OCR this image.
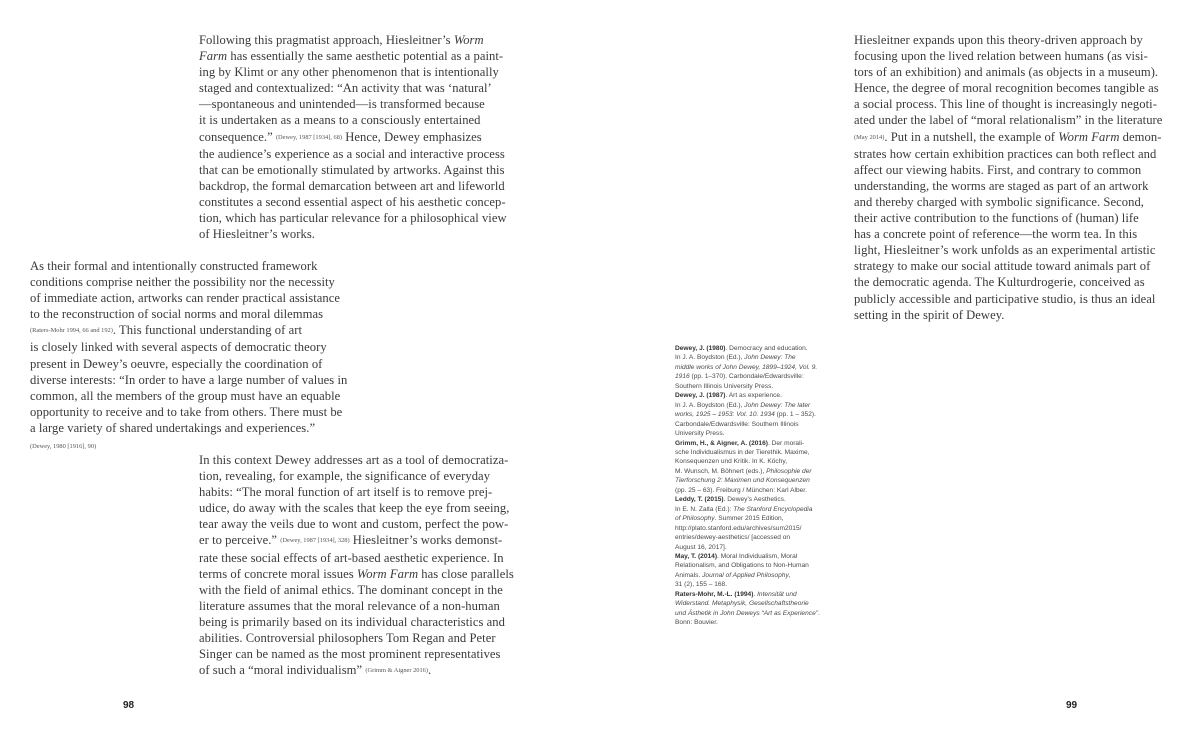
Following this pragmatist approach, Hiesleitner’s Worm
Farm has essentially the same aesthetic potential as a paint-
ing by Klimt or any other phenomenon that is intentionally
staged and contextualized: “An activity that was ‘natural’
—spontaneous and unintended—is transformed because
it is undertaken as a means to a consciously entertained
consequence.” (Dewey, 1987 [1934], 68) Hence, Dewey emphasizes
the audience’s experience as a social and interactive process
that can be emotionally stimulated by artworks. Against this
backdrop, the formal demarcation between art and lifeworld
constitutes a second essential aspect of his aesthetic concep-
tion, which has particular relevance for a philosophical view
of Hiesleitner’s works.
As their formal and intentionally constructed framework
conditions comprise neither the possibility nor the necessity
of immediate action, artworks can render practical assistance
to the reconstruction of social norms and moral dilemmas
(Raters-Mohr 1994, 66 and 192). This functional understanding of art
is closely linked with several aspects of democratic theory
present in Dewey’s oeuvre, especially the coordination of
diverse interests: “In order to have a large number of values in
common, all the members of the group must have an equable
opportunity to receive and to take from others. There must be
a large variety of shared undertakings and experiences.”
(Dewey, 1980 [1916], 90)
In this context Dewey addresses art as a tool of democratiza-
tion, revealing, for example, the significance of everyday
habits: “The moral function of art itself is to remove prej-
udice, do away with the scales that keep the eye from seeing,
tear away the veils due to wont and custom, perfect the pow-
er to perceive.” (Dewey, 1987 [1934], 328) Hiesleitner’s works demonst-
rate these social effects of art-based aesthetic experience. In
terms of concrete moral issues Worm Farm has close parallels
with the field of animal ethics. The dominant concept in the
literature assumes that the moral relevance of a non-human
being is primarily based on its individual characteristics and
abilities. Controversial philosophers Tom Regan and Peter
Singer can be named as the most prominent representatives
of such a “moral individualism” (Grimm & Aigner 2016).
98
Dewey, J. (1980). Democracy and education.
In J. A. Boydston (Ed.), John Dewey: The
middle works of John Dewey, 1899–1924, Vol. 9.
1916 (pp. 1–370). Carbondale/Edwardsville:
Southern Illinois University Press.
Dewey, J. (1987). Art as experience.
In J. A. Boydston (Ed.), John Dewey: The later
works, 1925 – 1953: Vol. 10. 1934 (pp. 1 – 352).
Carbondale/Edwardsville: Southern Illinois
University Press.
Grimm, H., & Aigner, A. (2016). Der morali-
sche Individualismus in der Tierethik. Maxime,
Konsequenzen und Kritik. In K. Köchy,
M. Wunsch, M. Böhnert (eds.), Philosophie der
Tierforschung 2: Maximen und Konsequenzen
(pp. 25 – 63). Freiburg / München: Karl Alber.
Leddy, T. (2015). Dewey’s Aesthetics.
In E. N. Zalta (Ed.): The Stanford Encyclopedia
of Philosophy. Summer 2015 Edition,
http://plato.stanford.edu/archives/sum2015/
entries/dewey-aesthetics/ [accessed on
August 16, 2017].
May, T. (2014). Moral Individualism, Moral
Relationalism, and Obligations to Non-Human
Animals. Journal of Applied Philosophy,
31 (2), 155 – 168.
Raters-Mohr, M.-L. (1994). Intensität und
Widerstand. Metaphysik, Gesellschaftstheorie
und Ästhetik in John Deweys “Art as Experience”.
Bonn: Bouvier.
Hiesleitner expands upon this theory-driven approach by
focusing upon the lived relation between humans (as visi-
tors of an exhibition) and animals (as objects in a museum).
Hence, the degree of moral recognition becomes tangible as
a social process. This line of thought is increasingly negoti-
ated under the label of “moral relationalism” in the literature
(May 2014). Put in a nutshell, the example of Worm Farm demon-
strates how certain exhibition practices can both reflect and
affect our viewing habits. First, and contrary to common
understanding, the worms are staged as part of an artwork
and thereby charged with symbolic significance. Second,
their active contribution to the functions of (human) life
has a concrete point of reference—the worm tea. In this
light, Hiesleitner’s work unfolds as an experimental artistic
strategy to make our social attitude toward animals part of
the democratic agenda. The Kulturdrogerie, conceived as
publicly accessible and participative studio, is thus an ideal
setting in the spirit of Dewey.
99
